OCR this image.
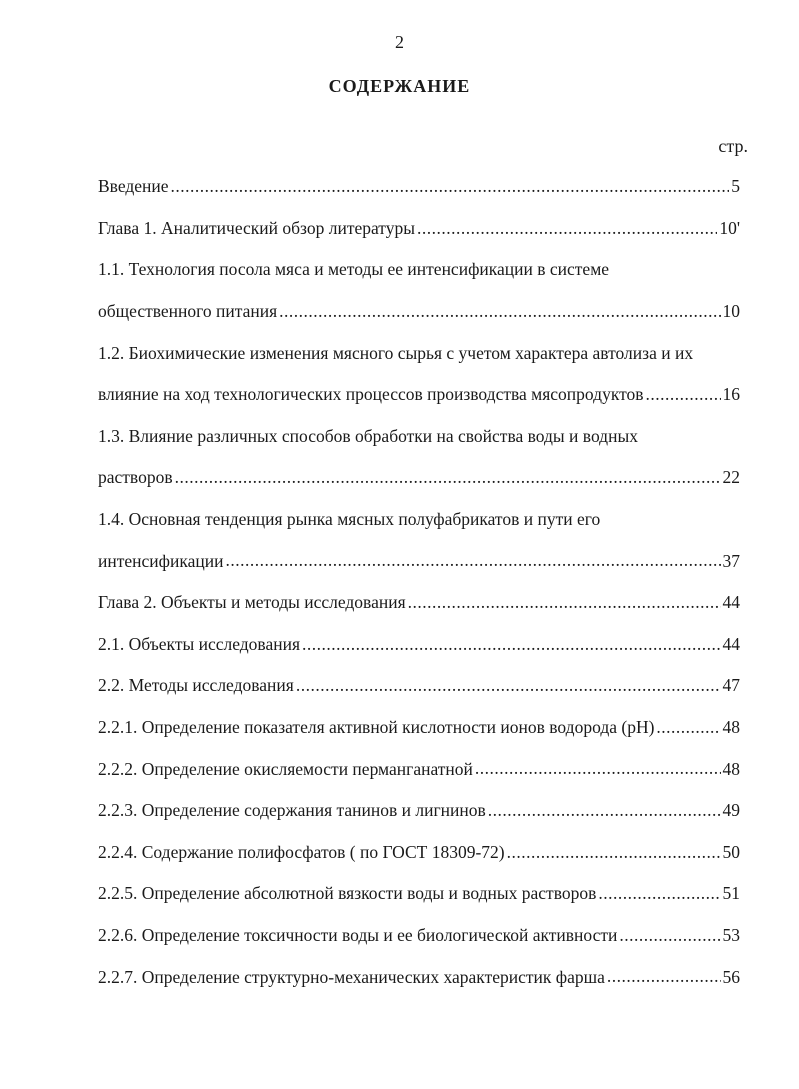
2
СОДЕРЖАНИЕ
стр.
Введение .....	5
Глава 1. Аналитический обзор литературы .....	10'
1.1. Технология посола мяса и методы ее интенсификации в системе
общественного питания .....	10
1.2. Биохимические изменения мясного сырья с учетом характера автолиза и их
влияние на ход технологических процессов производства мясопродуктов .....	16
1.3. Влияние различных способов обработки на свойства воды и водных
растворов .....	22
1.4. Основная тенденция рынка мясных полуфабрикатов и пути его
интенсификации .....	37
Глава 2. Объекты и методы исследования .....	44
2.1. Объекты исследования .....	44
2.2. Методы исследования .....	47
2.2.1. Определение показателя активной кислотности ионов водорода (pH) .....	48
2.2.2. Определение окисляемости перманганатной .....	48
2.2.3. Определение содержания танинов и лигнинов .....	49
2.2.4. Содержание полифосфатов ( по ГОСТ 18309-72) .....	50
2.2.5. Определение абсолютной вязкости воды и водных растворов .....	51
2.2.6. Определение токсичности воды и ее биологической активности .....	53
2.2.7. Определение структурно-механических характеристик фарша .....	56
